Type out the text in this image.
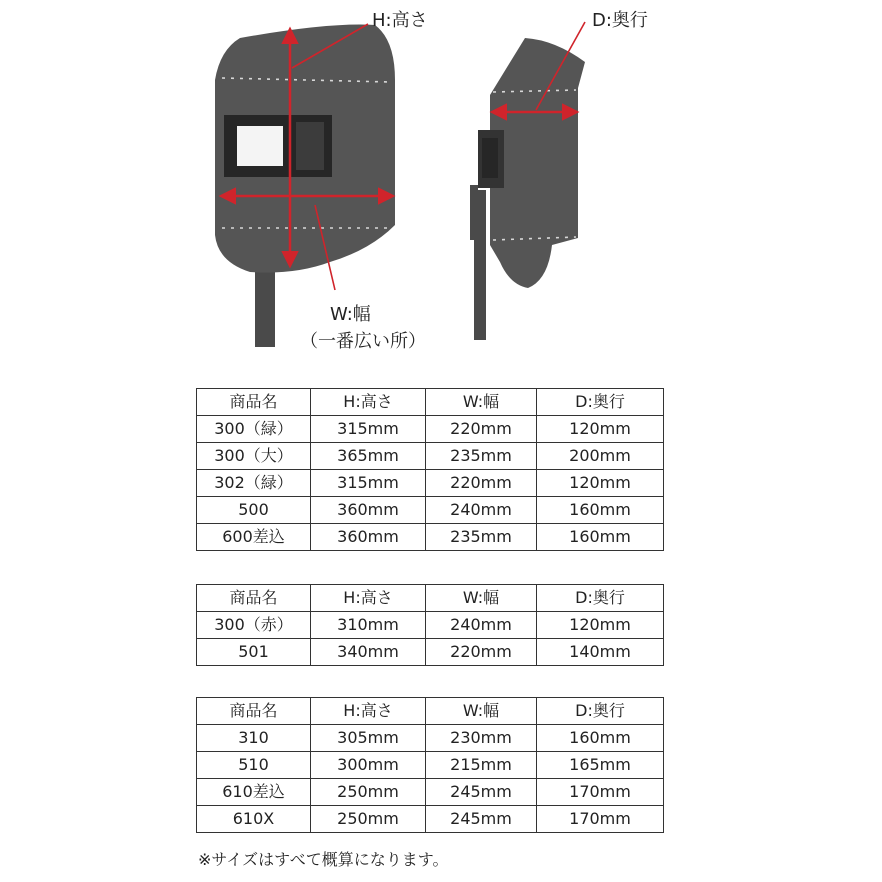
H:高さ	D:奥行
W:幅
（一番広い所）
商品名	H:高さ	W:幅	D:奥行
300（緑）	315mm	220mm	120mm
300（大）	365mm	235mm	200mm
302（緑）	315mm	220mm	120mm
500	360mm	240mm	160mm
600差込	360mm	235mm	160mm
商品名	H:高さ	W:幅	D:奥行
300（赤）	310mm	240mm	120mm
501	340mm	220mm	140mm
商品名	H:高さ	W:幅	D:奥行
310	305mm	230mm	160mm
510	300mm	215mm	165mm
610差込	250mm	245mm	170mm
610X	250mm	245mm	170mm
※サイズはすべて概算になります。
